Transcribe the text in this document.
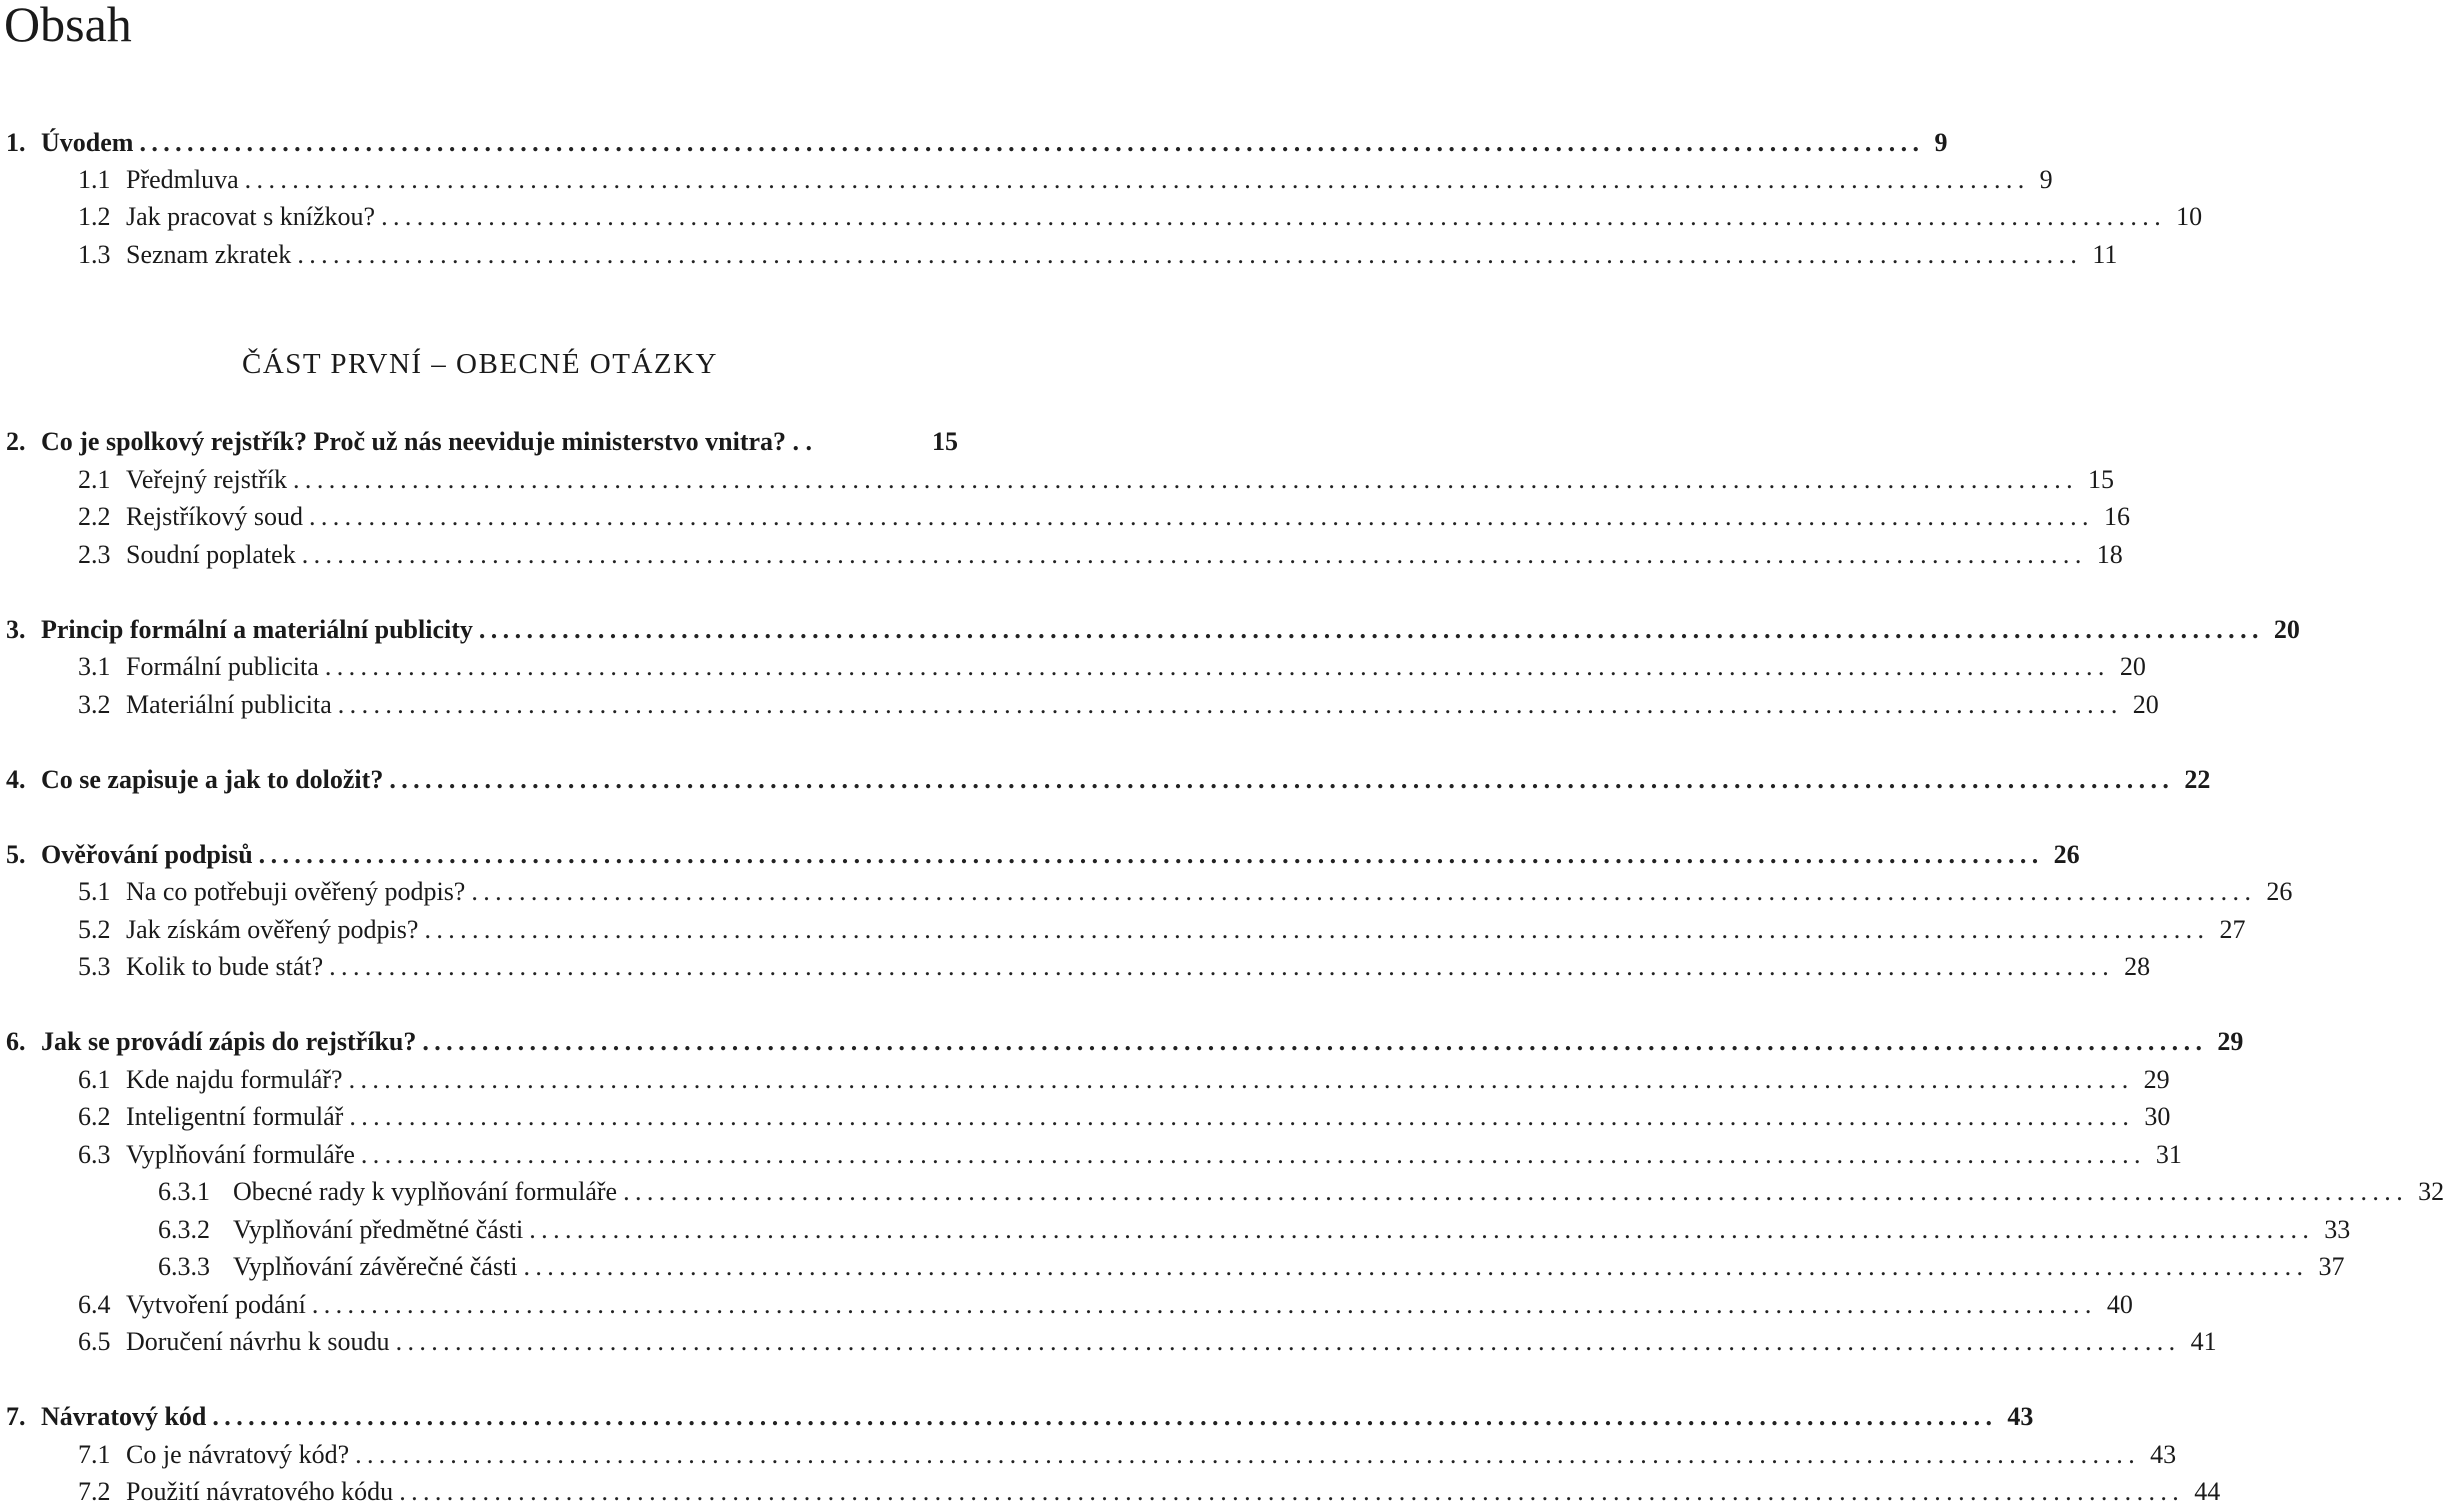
Obsah
1. Úvodem ...................................................................................................................................................... 9
1.1 Předmluva ...................................................................................................................................................... 9
1.2 Jak pracovat s knížkou? ...................................................................................................................................................... 10
1.3 Seznam zkratek ...................................................................................................................................................... 11
ČÁST PRVNÍ – OBECNÉ OTÁZKY
2. Co je spolkový rejstřík? Proč už nás neeviduje ministerstvo vnitra? . .	15
2.1 Veřejný rejstřík ...................................................................................................................................................... 15
2.2 Rejstříkový soud ...................................................................................................................................................... 16
2.3 Soudní poplatek ...................................................................................................................................................... 18
3. Princip formální a materiální publicity ...................................................................................................................................................... 20
3.1 Formální publicita ...................................................................................................................................................... 20
3.2 Materiální publicita ...................................................................................................................................................... 20
4. Co se zapisuje a jak to doložit? ...................................................................................................................................................... 22
5. Ověřování podpisů ...................................................................................................................................................... 26
5.1 Na co potřebuji ověřený podpis? ...................................................................................................................................................... 26
5.2 Jak získám ověřený podpis? ...................................................................................................................................................... 27
5.3 Kolik to bude stát? ...................................................................................................................................................... 28
6. Jak se provádí zápis do rejstříku? ...................................................................................................................................................... 29
6.1 Kde najdu formulář? ...................................................................................................................................................... 29
6.2 Inteligentní formulář ...................................................................................................................................................... 30
6.3 Vyplňování formuláře ...................................................................................................................................................... 31
6.3.1 Obecné rady k vyplňování formuláře ...................................................................................................................................................... 32
6.3.2 Vyplňování předmětné části ...................................................................................................................................................... 33
6.3.3 Vyplňování závěrečné části ...................................................................................................................................................... 37
6.4 Vytvoření podání ...................................................................................................................................................... 40
6.5 Doručení návrhu k soudu ...................................................................................................................................................... 41
7. Návratový kód ...................................................................................................................................................... 43
7.1 Co je návratový kód? ...................................................................................................................................................... 43
7.2 Použití návratového kódu ...................................................................................................................................................... 44
